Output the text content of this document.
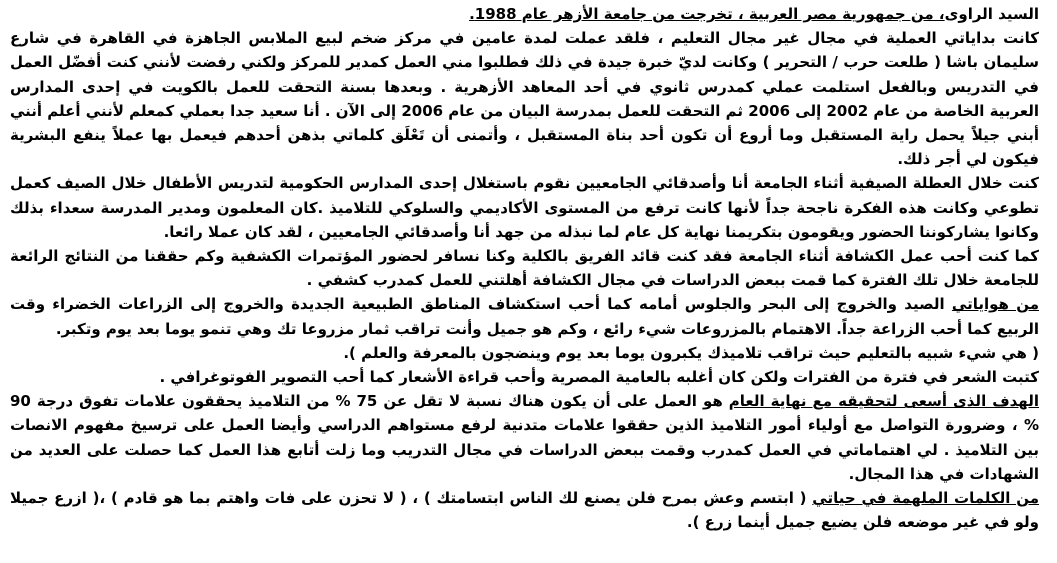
السيد الراوى، من جمهورية مصر العربية ، تخرجت من جامعة الأزهر عام 1988.

كانت بداياتي العملية في مجال غير مجال التعليم ، فلقد عملت لمدة عامين في مركز ضخم لبيع الملابس الجاهزة في القاهرة في شارع سليمان باشا ( طلعت حرب / التحرير ) وكانت لديّ خبرة جيدة في ذلك فطلبوا مني العمل كمدير للمركز ولكني رفضت لأنني كنت أفضّل العمل في التدريس وبالفعل استلمت عملي كمدرس ثانوي في أحد المعاهد الأزهرية . وبعدها بسنة التحقت للعمل بالكويت في إحدى المدارس العربية الخاصة من عام 2002 إلى 2006 ثم التحقت للعمل بمدرسة البيان من عام 2006 إلى الآن . أنا سعيد جدا بعملي كمعلم لأنني أعلم أنني أبني جيلاً يحمل راية المستقبل وما أروع أن تكون أحد بناة المستقبل ، وأتمنى أن تَعْلَق كلماتي بذهن أحدهم فيعمل بها عملاً ينفع البشرية فيكون لي أجر ذلك.

كنت خلال العطلة الصيفية أثناء الجامعة أنا وأصدقائي الجامعيين نقوم باستغلال إحدى المدارس الحكومية لتدريس الأطفال خلال الصيف كعمل تطوعي وكانت هذه الفكرة ناجحة جداً لأنها كانت ترفع من المستوى الأكاديمي والسلوكي للتلاميذ .كان المعلمون ومدير المدرسة سعداء بذلك وكانوا يشاركوننا الحضور ويقومون بتكريمنا نهاية كل عام لما نبذله من جهد أنا وأصدقائي الجامعيين ، لقد كان عملا رائعا.

كما كنت أحب عمل الكشافة أثناء الجامعة فقد كنت قائد الفريق بالكلية وكنا نسافر لحضور المؤتمرات الكشفية وكم حققنا من النتائج الرائعة للجامعة خلال تلك الفترة كما قمت ببعض الدراسات في مجال الكشافة أهلتني للعمل كمدرب كشفي .

من هواياتي الصيد والخروج إلى البحر والجلوس أمامه كما أحب استكشاف المناطق الطبيعية الجديدة والخروج إلى الزراعات الخضراء وقت الربيع كما أحب الزراعة جداً. الاهتمام بالمزروعات شيء رائع ، وكم هو جميل وأنت تراقب ثمار مزروعا تك وهي تنمو يوما بعد يوم وتكبر.

( هي شيء شبيه بالتعليم حيث تراقب تلاميذك يكبرون يوما بعد يوم وينضجون بالمعرفة والعلم ).

كتبت الشعر في فترة من الفترات ولكن كان أغلبه بالعامية المصرية وأحب قراءة الأشعار كما أحب التصوير الفوتوغرافي .

الهدف الذى أسعى لتحقيقه مع نهاية العام هو العمل على أن يكون هناك نسبة لا تقل عن 75 % من التلاميذ يحققون علامات تفوق درجة 90 % ، وضرورة التواصل مع أولياء أمور التلاميذ الذين حققوا علامات متدنية لرفع مستواهم الدراسي وأيضا العمل على ترسيخ مفهوم الانصات بين التلاميذ . لي اهتماماتي في العمل كمدرب وقمت ببعض الدراسات في مجال التدريب وما زلت أتابع هذا العمل كما حصلت على العديد من الشهادات في هذا المجال.

من الكلمات الملهمة في حياتي ( ابتسم وعش بمرح فلن يصنع لك الناس ابتسامتك ) ، ( لا تحزن على فات واهتم بما هو قادم ) ،( ازرع جميلا ولو في غير موضعه فلن يضيع جميل أينما زرع ).
